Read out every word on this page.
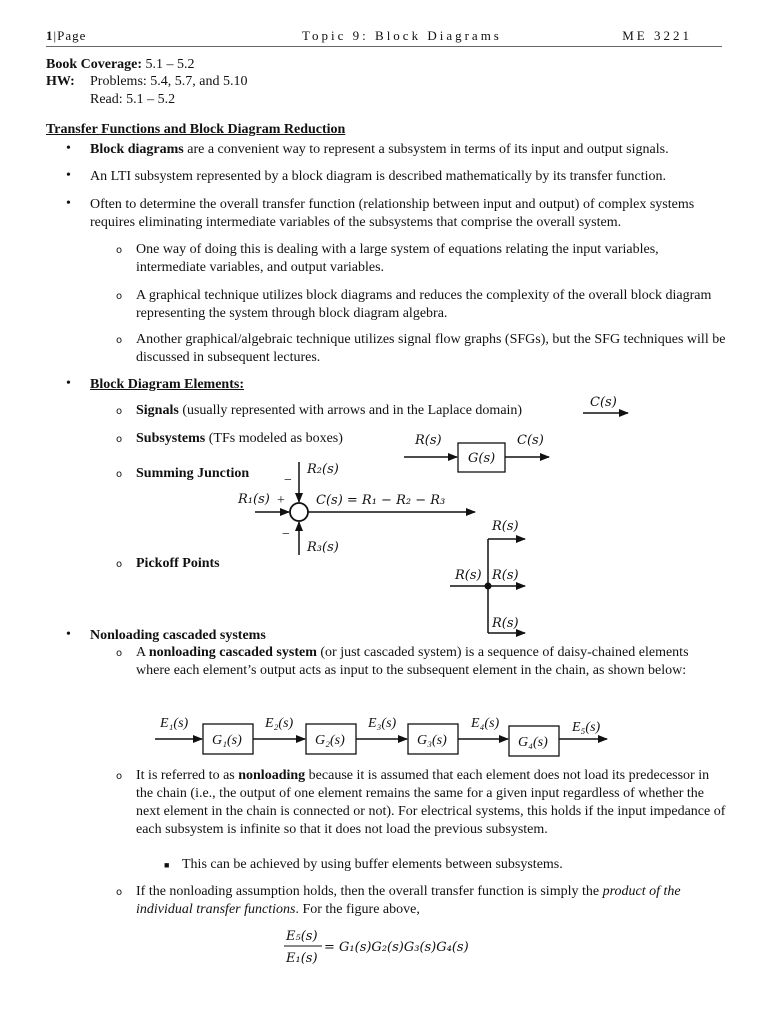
1|Page	Topic 9: Block Diagrams	ME 3221
Book Coverage: 5.1 – 5.2
HW: Problems: 5.4, 5.7, and 5.10
Read: 5.1 – 5.2
Transfer Functions and Block Diagram Reduction
• Block diagrams are a convenient way to represent a subsystem in terms of its input and output signals.
• An LTI subsystem represented by a block diagram is described mathematically by its transfer function.
• Often to determine the overall transfer function (relationship between input and output) of complex systems requires eliminating intermediate variables of the subsystems that comprise the overall system.
o One way of doing this is dealing with a large system of equations relating the input variables, intermediate variables, and output variables.
o A graphical technique utilizes block diagrams and reduces the complexity of the overall block diagram representing the system through block diagram algebra.
o Another graphical/algebraic technique utilizes signal flow graphs (SFGs), but the SFG techniques will be discussed in subsequent lectures.
• Block Diagram Elements:
o Signals (usually represented with arrows and in the Laplace domain)
o Subsystems (TFs modeled as boxes)
o Summing Junction
o Pickoff Points
C(s)
R(s)	C(s)
G(s)
R₁(s) +
−
−
R₂(s)
R₃(s)
C(s) = R₁ − R₂ − R₃
R(s)
R(s) R(s)
R(s)
E₁(s)	E₂(s)	E₃(s)	E₄(s)	E₅(s)
G₁(s)	G₂(s)	G₃(s)	G₄(s)
E₅(s)
E₁(s)
= G₁(s)G₂(s)G₃(s)G₄(s)
• Nonloading cascaded systems
o A nonloading cascaded system (or just cascaded system) is a sequence of daisy-chained elements where each element’s output acts as input to the subsequent element in the chain, as shown below:
o It is referred to as nonloading because it is assumed that each element does not load its predecessor in the chain (i.e., the output of one element remains the same for a given input regardless of whether the next element in the chain is connected or not). For electrical systems, this holds if the input impedance of each subsystem is infinite so that it does not load the previous subsystem.
■ This can be achieved by using buffer elements between subsystems.
o If the nonloading assumption holds, then the overall transfer function is simply the product of the individual transfer functions. For the figure above,
